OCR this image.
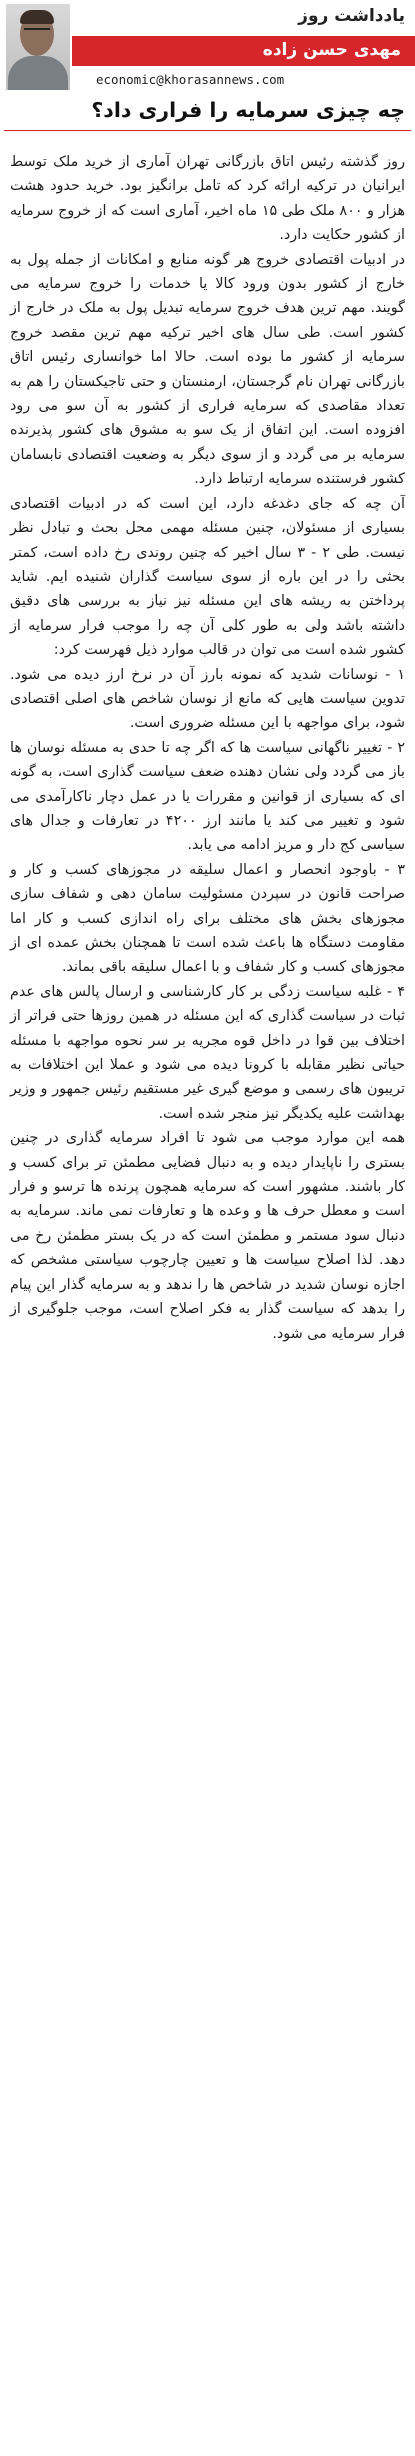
یادداشت روز
مهدی حسن زاده
economic@khorasannews.com
چه چیزی سرمایه را فراری داد؟

روز گذشته رئیس اتاق بازرگانی تهران آماری از خرید ملک توسط ایرانیان در ترکیه ارائه کرد که تامل برانگیز بود. خرید حدود هشت هزار و ۸۰۰ ملک طی ۱۵ ماه اخیر، آماری است که از خروج سرمایه از کشور حکایت دارد.

در ادبیات اقتصادی خروج هر گونه منابع و امکانات از جمله پول به خارج از کشور بدون ورود کالا یا خدمات را خروج سرمایه می گویند. مهم ترین هدف خروج سرمایه تبدیل پول به ملک در خارج از کشور است. طی سال های اخیر ترکیه مهم ترین مقصد خروج سرمایه از کشور ما بوده است. حالا اما خوانساری رئیس اتاق بازرگانی تهران نام گرجستان، ارمنستان و حتی تاجیکستان را هم به تعداد مقاصدی که سرمایه فراری از کشور به آن سو می رود افزوده است. این اتفاق از یک سو به مشوق های کشور پذیرنده سرمایه بر می گردد و از سوی دیگر به وضعیت اقتصادی نابسامان کشور فرستنده سرمایه ارتباط دارد.

آن چه که جای دغدغه دارد، این است که در ادبیات اقتصادی بسیاری از مسئولان، چنین مسئله مهمی محل بحث و تبادل نظر نیست. طی ۲ - ۳ سال اخیر که چنین روندی رخ داده است، کمتر بحثی را در این باره از سوی سیاست گذاران شنیده ایم. شاید پرداختن به ریشه های این مسئله نیز نیاز به بررسی های دقیق داشته باشد ولی به طور کلی آن چه را موجب فرار سرمایه از کشور شده است می توان در قالب موارد ذیل فهرست کرد:

۱ - نوسانات شدید که نمونه بارز آن در نرخ ارز دیده می شود. تدوین سیاست هایی که مانع از نوسان شاخص های اصلی اقتصادی شود، برای مواجهه با این مسئله ضروری است.

۲ - تغییر ناگهانی سیاست ها که اگر چه تا حدی به مسئله نوسان ها باز می گردد ولی نشان دهنده ضعف سیاست گذاری است، به گونه ای که بسیاری از قوانین و مقررات یا در عمل دچار ناکارآمدی می شود و تغییر می کند یا مانند ارز ۴۲۰۰ در تعارفات و جدال های سیاسی کج دار و مریز ادامه می یابد.

۳ - باوجود انحصار و اعمال سلیقه در مجوزهای کسب و کار و صراحت قانون در سپردن مسئولیت سامان دهی و شفاف سازی مجوزهای بخش های مختلف برای راه اندازی کسب و کار اما مقاومت دستگاه ها باعث شده است تا همچنان بخش عمده ای از مجوزهای کسب و کار شفاف و با اعمال سلیقه باقی بماند.

۴ - غلبه سیاست زدگی بر کار کارشناسی و ارسال پالس های عدم ثبات در سیاست گذاری که این مسئله در همین روزها حتی فراتر از اختلاف بین قوا در داخل قوه مجریه بر سر نحوه مواجهه با مسئله حیاتی نظیر مقابله با کرونا دیده می شود و عملا این اختلافات به تریبون های رسمی و موضع گیری غیر مستقیم رئیس جمهور و وزیر بهداشت علیه یکدیگر نیز منجر شده است.

همه این موارد موجب می شود تا افراد سرمایه گذاری در چنین بستری را ناپایدار دیده و به دنبال فضایی مطمئن تر برای کسب و کار باشند. مشهور است که سرمایه همچون پرنده ها ترسو و فرار است و معطل حرف ها و وعده ها و تعارفات نمی ماند. سرمایه به دنبال سود مستمر و مطمئن است که در یک بستر مطمئن رخ می دهد. لذا اصلاح سیاست ها و تعیین چارچوب سیاستی مشخص که اجازه نوسان شدید در شاخص ها را ندهد و به سرمایه گذار این پیام را بدهد که سیاست گذار به فکر اصلاح است، موجب جلوگیری از فرار سرمایه می شود.
